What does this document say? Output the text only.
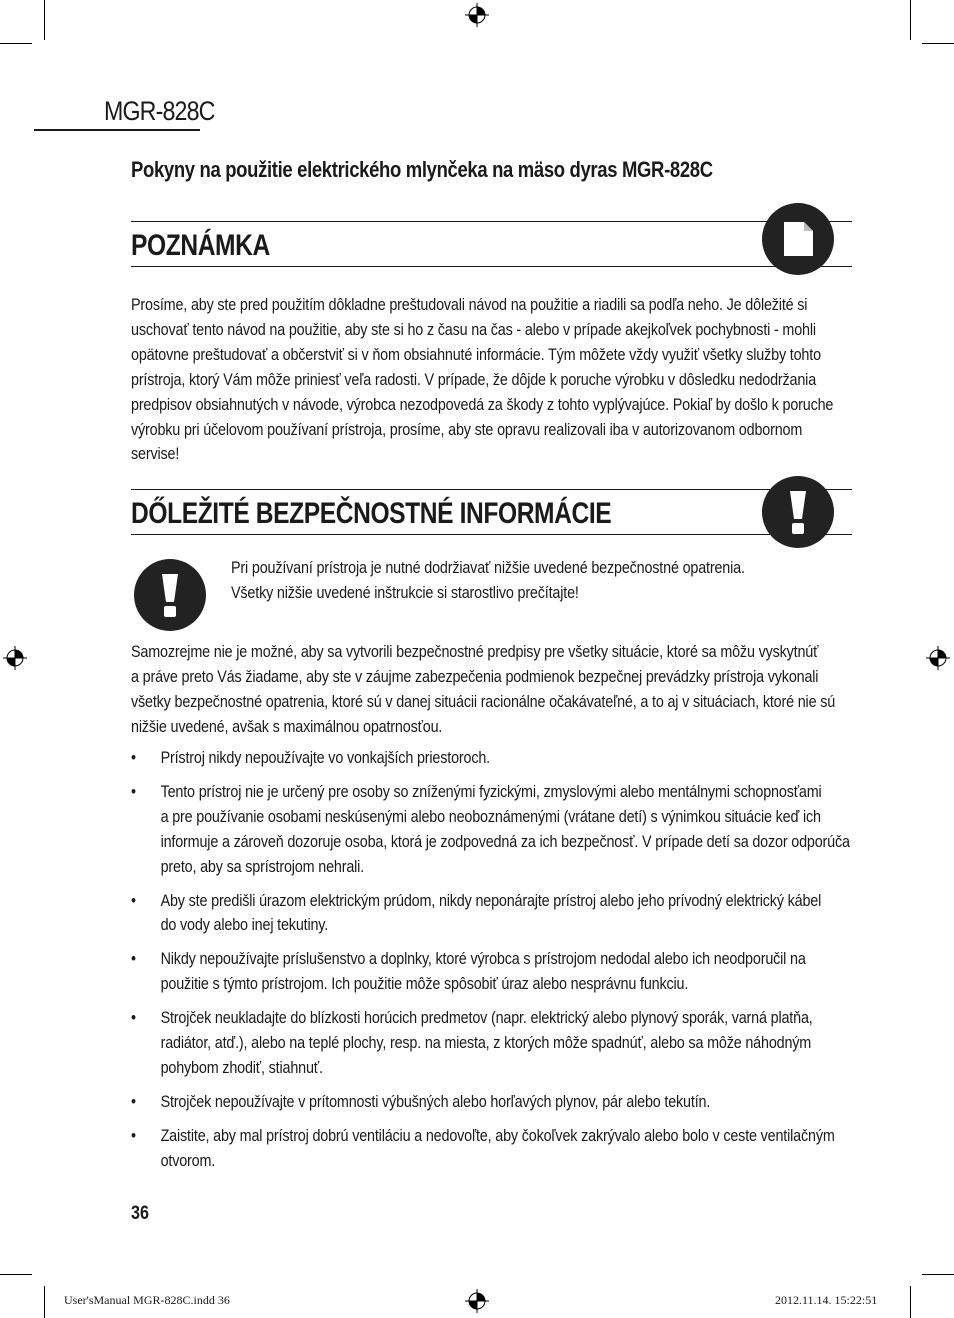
MGR-828C
Pokyny na použitie elektrického mlynčeka na mäso dyras MGR-828C
POZNÁMKA

Prosíme, aby ste pred použitím dôkladne preštudovali návod na použitie a riadili sa podľa neho. Je dôležité si

uschovať tento návod na použitie, aby ste si ho z času na čas - alebo v prípade akejkoľvek pochybnosti - mohli

opätovne preštudovať a občerstviť si v ňom obsiahnuté informácie. Tým môžete vždy využiť všetky služby tohto

prístroja, ktorý Vám môže priniesť veľa radosti. V prípade, že dôjde k poruche výrobku v dôsledku nedodržania

predpisov obsiahnutých v návode, výrobca nezodpovedá za škody z tohto vyplývajúce. Pokiaľ by došlo k poruche

výrobku pri účelovom používaní prístroja, prosíme, aby ste opravu realizovali iba v autorizovanom odbornom

servise!

DŐLEŽITÉ BEZPEČNOSTNÉ INFORMÁCIE

Pri používaní prístroja je nutné dodržiavať nižšie uvedené bezpečnostné opatrenia.

Všetky nižšie uvedené inštrukcie si starostlivo prečítajte!

Samozrejme nie je možné, aby sa vytvorili bezpečnostné predpisy pre všetky situácie, ktoré sa môžu vyskytnúť

a práve preto Vás žiadame, aby ste v záujme zabezpečenia podmienok bezpečnej prevádzky prístroja vykonali

všetky bezpečnostné opatrenia, ktoré sú v danej situácii racionálne očakávateľné, a to aj v situáciach, ktoré nie sú

nižšie uvedené, avšak s maximálnou opatrnosťou.

• Prístroj nikdy nepoužívajte vo vonkajších priestoroch.
• Tento prístroj nie je určený pre osoby so zníženými fyzickými, zmyslovými alebo mentálnymi schopnosťami
a pre používanie osobami neskúsenými alebo neoboznámenými (vrátane detí) s výnimkou situácie keď ich
informuje a zároveň dozoruje osoba, ktorá je zodpovedná za ich bezpečnosť. V prípade detí sa dozor odporúča
preto, aby sa sprístrojom nehrali.
• Aby ste predišli úrazom elektrickým prúdom, nikdy neponárajte prístroj alebo jeho prívodný elektrický kábel
do vody alebo inej tekutiny.
• Nikdy nepoužívajte príslušenstvo a doplnky, ktoré výrobca s prístrojom nedodal alebo ich neodporučil na
použitie s týmto prístrojom. Ich použitie môže spôsobiť úraz alebo nesprávnu funkciu.
• Strojček neukladajte do blízkosti horúcich predmetov (napr. elektrický alebo plynový sporák, varná platňa,
radiátor, atď.), alebo na teplé plochy, resp. na miesta, z ktorých môže spadnúť, alebo sa môže náhodným
pohybom zhodiť, stiahnuť.
• Strojček nepoužívajte v prítomnosti výbušných alebo horľavých plynov, pár alebo tekutín.
• Zaistite, aby mal prístroj dobrú ventiláciu a nedovoľte, aby čokoľvek zakrývalo alebo bolo v ceste ventilačným
otvorom.
36
User'sManual MGR-828C.indd 36	2012.11.14. 15:22:51
